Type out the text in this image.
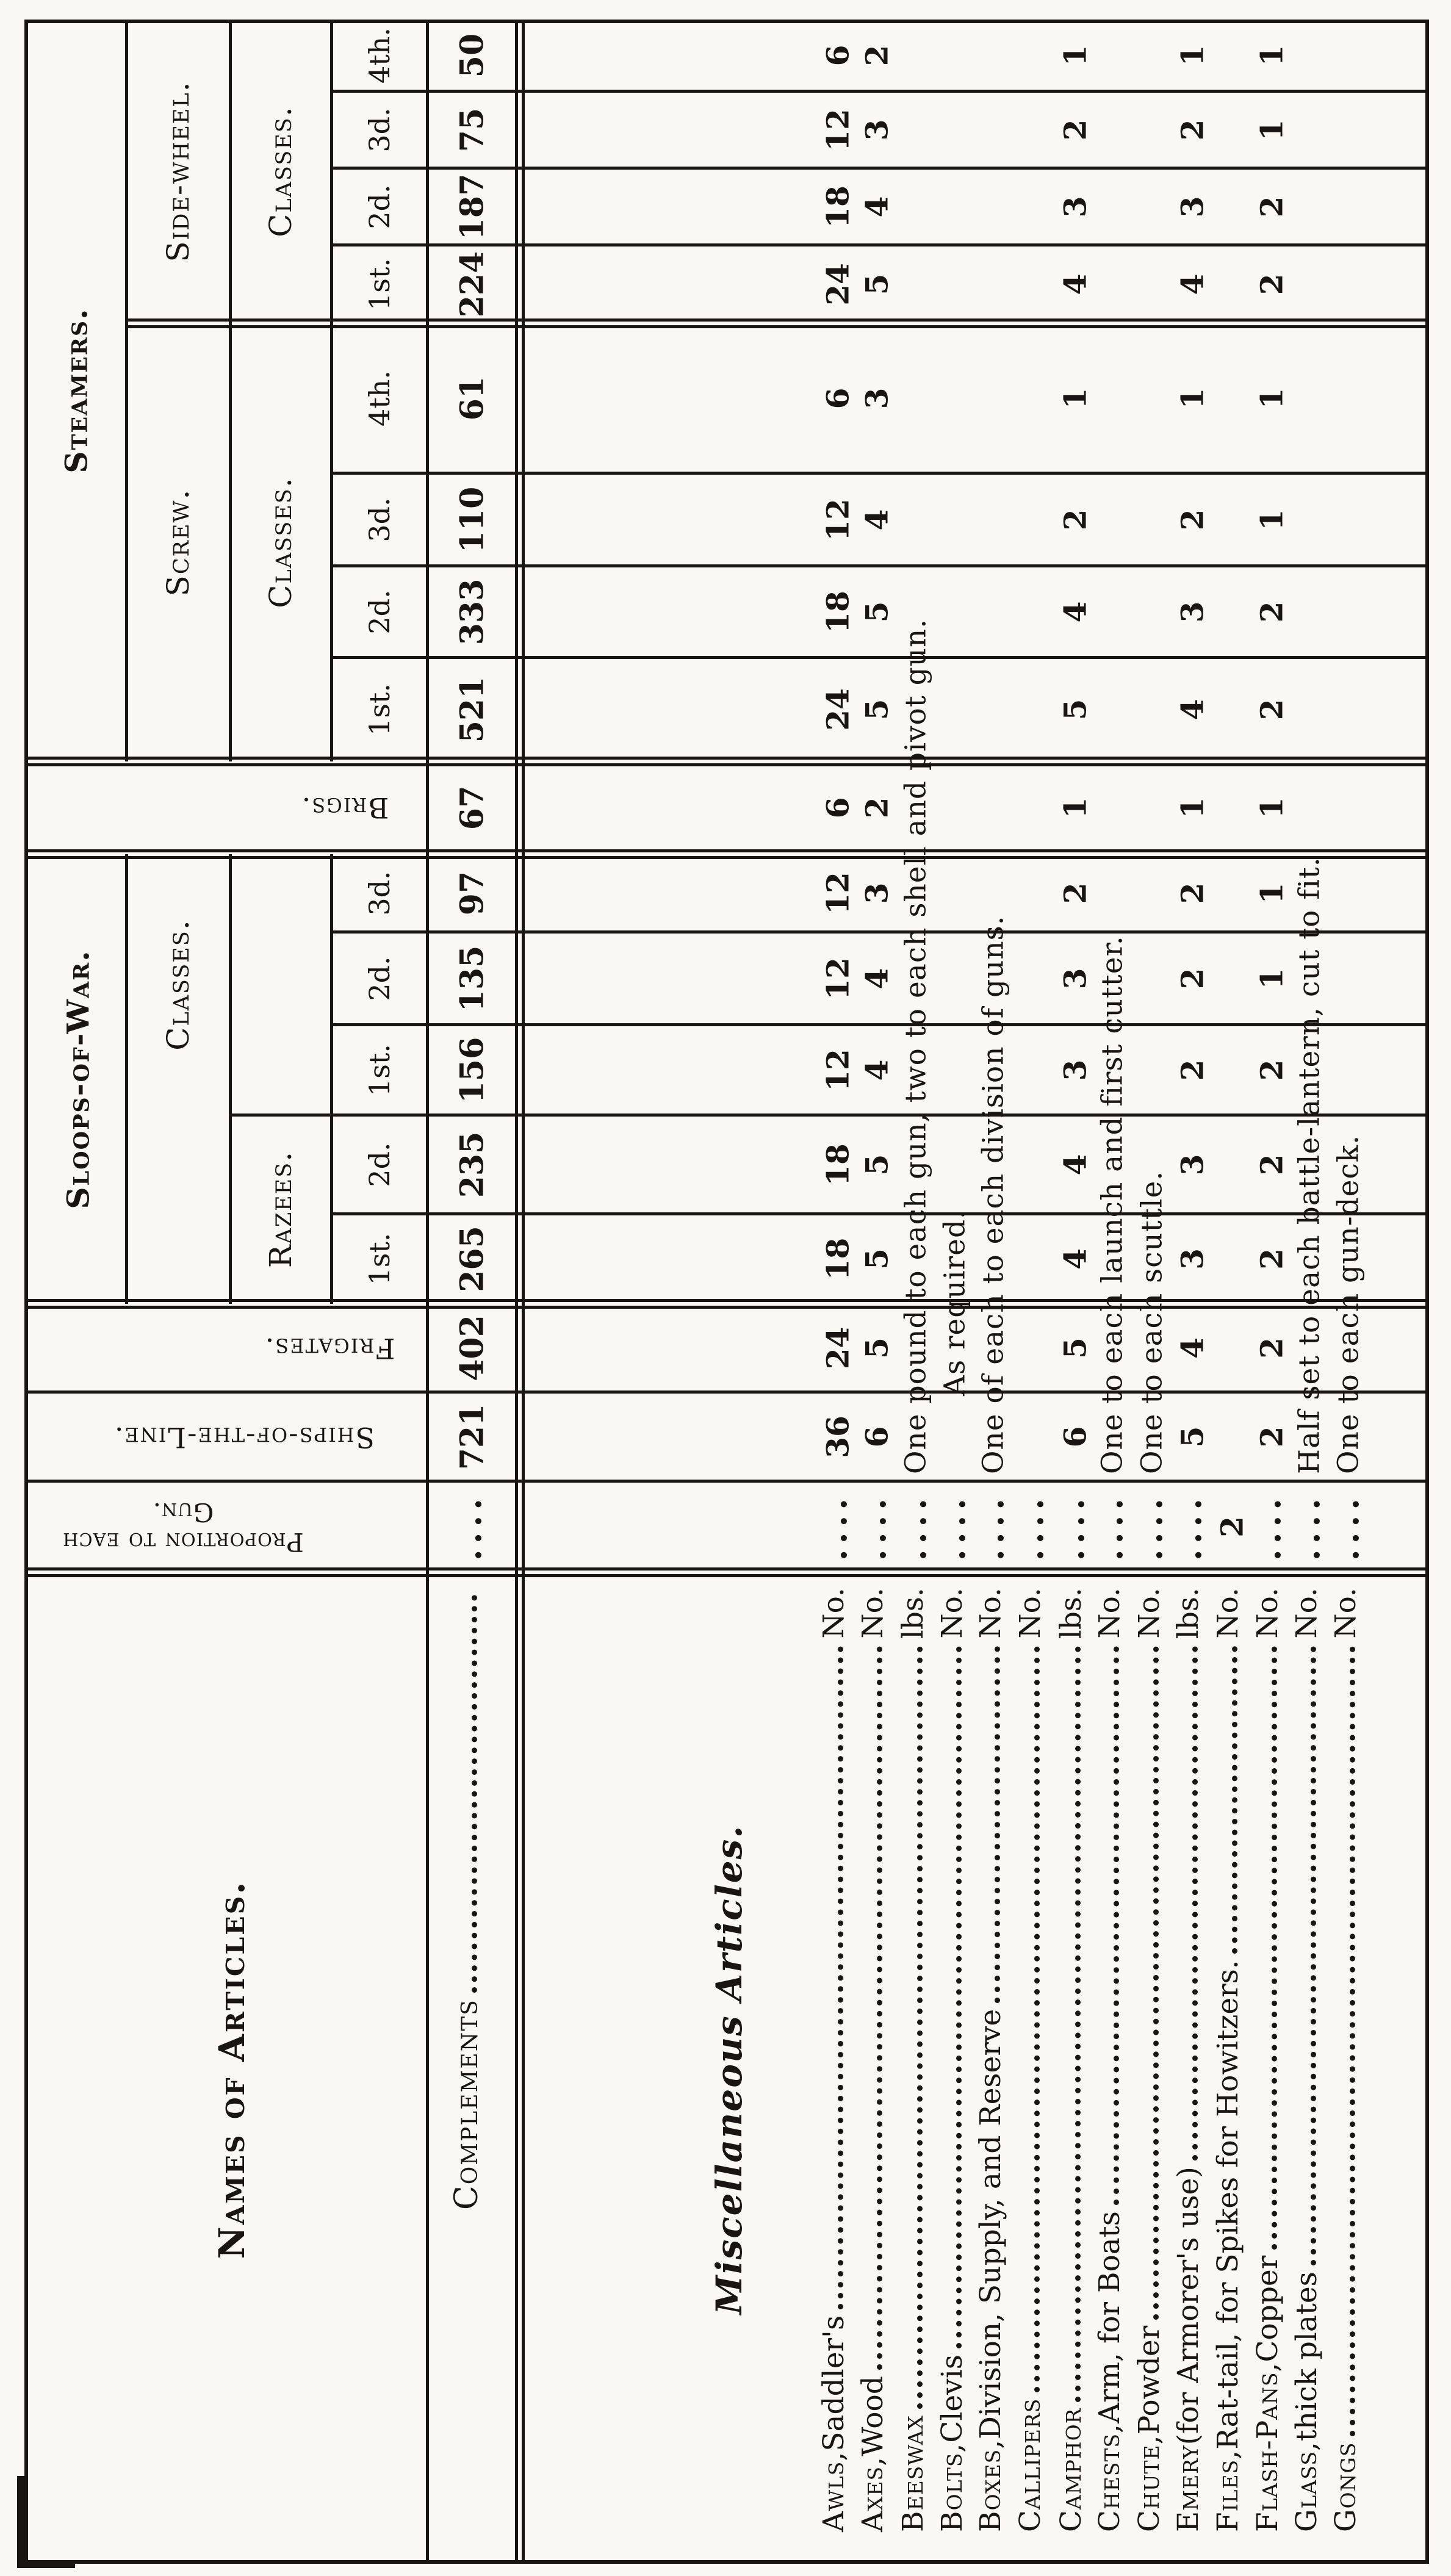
Names of Articles.
Steamers.
Sloops-of-War.
Side-wheel.
Screw.
Classes.
Classes.
Classes.
Razees.
Brigs.
Frigates.
Ships-of-the-Line.
Proportion to each
Gun.
Complements	Miscellaneous Articles.
721
402
1st. 265
2d. 235
1st. 156
2d. 135
3d. 97
67
1st. 521
2d. 333
3d. 110
4th. 61
1st. 224
2d. 187
3d. 75
4th. 50
....
Awls,
Saddler's
No.
....
36
24
18
18
12
12
12
6
24
18
12
6
24
18
12
6
Axes,
Wood
No.
....
6
5
5
5
4
4
3
2
5
5
4
3
5
4
3
2
Beeswax
lbs.
....
One pound to each gun, two to each shell and pivot gun.
Bolts,
Clevis
No.
....
As required.
Boxes,
Division, Supply, and Reserve
No.
....
One of each to each division of guns.
Callipers
No.
....
Camphor
lbs.
....
6
5
4
4
3
3
2
1
5
4
2
1
4
3
2
1
Chests,
Arm, for Boats
No.
....
One to each launch and first cutter.
Chute,
Powder
No.
....
One to each scuttle.
Emery
(for Armorer's use)
lbs.
....
5
4
3
3
2
2
2
1
4
3
2
1
4
3
2
1
Files,
Rat-tail, for Spikes for Howitzers.
No.
2
Flash-Pans,
Copper
No.
....
2
2
2
2
2
1
1
1
2
2
1
1
2
2
1
1
Glass,
thick plates
No.
....
Half set to each battle-lantern, cut to fit.
Gongs
No.
....
One to each gun-deck.
